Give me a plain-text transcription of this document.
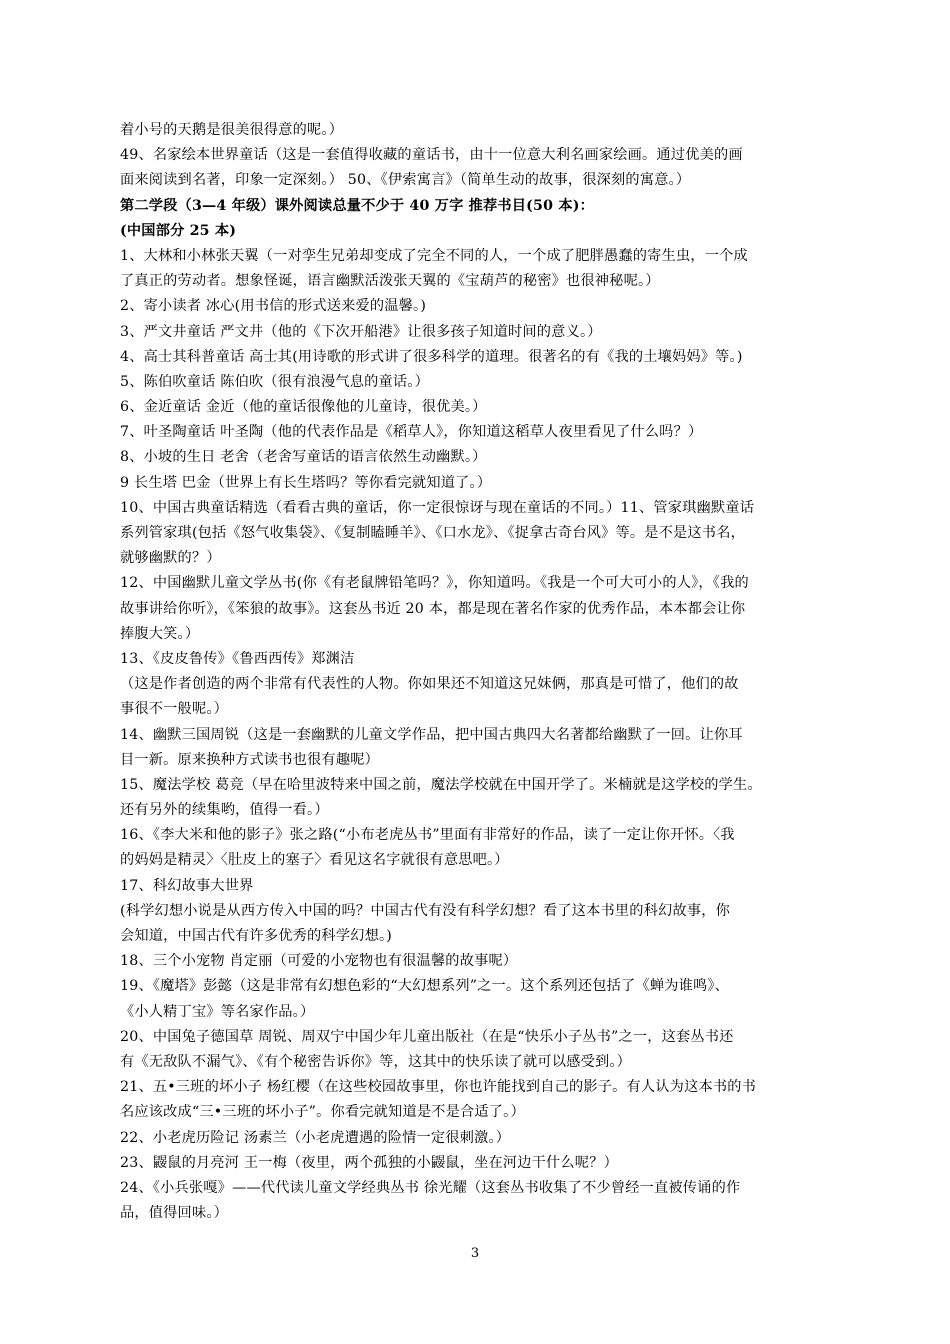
着小号的天鹅是很美很得意的呢。）
49、名家绘本世界童话（这是一套值得收藏的童话书，由十一位意大利名画家绘画。通过优美的画
面来阅读到名著，印象一定深刻。） 50、《伊索寓言》（简单生动的故事，很深刻的寓意。）
第二学段（3—4 年级）课外阅读总量不少于 40 万字 推荐书目(50 本)：
(中国部分 25 本)
1、大林和小林张天翼（一对孪生兄弟却变成了完全不同的人，一个成了肥胖愚蠢的寄生虫，一个成
了真正的劳动者。想象怪诞，语言幽默活泼张天翼的《宝葫芦的秘密》也很神秘呢。）
2、寄小读者 冰心(用书信的形式送来爱的温馨。)
3、严文井童话 严文井（他的《下次开船港》让很多孩子知道时间的意义。）
4、高士其科普童话 高士其(用诗歌的形式讲了很多科学的道理。很著名的有《我的土壤妈妈》等。)
5、陈伯吹童话 陈伯吹（很有浪漫气息的童话。）
6、金近童话 金近（他的童话很像他的儿童诗，很优美。）
7、叶圣陶童话 叶圣陶（他的代表作品是《稻草人》，你知道这稻草人夜里看见了什么吗？）
8、小坡的生日 老舍（老舍写童话的语言依然生动幽默。）
9 长生塔 巴金（世界上有长生塔吗？等你看完就知道了。）
10、中国古典童话精选（看看古典的童话，你一定很惊讶与现在童话的不同。）11、管家琪幽默童话
系列管家琪(包括《怒气收集袋》、《复制瞌睡羊》、《口水龙》、《捉拿古奇台风》等。是不是这书名，
就够幽默的？）
12、中国幽默儿童文学丛书(你《有老鼠牌铅笔吗？》，你知道吗。《我是一个可大可小的人》，《我的
故事讲给你听》，《笨狼的故事》。这套丛书近 20 本，都是现在著名作家的优秀作品，本本都会让你
捧腹大笑。）
13、《皮皮鲁传》《鲁西西传》郑渊洁
（这是作者创造的两个非常有代表性的人物。你如果还不知道这兄妹俩，那真是可惜了，他们的故
事很不一般呢。）
14、幽默三国周锐（这是一套幽默的儿童文学作品，把中国古典四大名著都给幽默了一回。让你耳
目一新。原来换种方式读书也很有趣呢）
15、魔法学校 葛竞（早在哈里波特来中国之前，魔法学校就在中国开学了。米楠就是这学校的学生。
还有另外的续集哟，值得一看。）
16、《李大米和他的影子》张之路(“小布老虎丛书”里面有非常好的作品，读了一定让你开怀。〈我
的妈妈是精灵〉〈肚皮上的塞子〉看见这名字就很有意思吧。）
17、科幻故事大世界
(科学幻想小说是从西方传入中国的吗？中国古代有没有科学幻想？看了这本书里的科幻故事，你
会知道，中国古代有许多优秀的科学幻想。)
18、三个小宠物 肖定丽（可爱的小宠物也有很温馨的故事呢）
19、《魔塔》彭懿（这是非常有幻想色彩的“大幻想系列”之一。这个系列还包括了《蝉为谁鸣》、
《小人精丁宝》等名家作品。）
20、中国兔子德国草 周锐、周双宁中国少年儿童出版社（在是“快乐小子丛书”之一，这套丛书还
有《无敌队不漏气》、《有个秘密告诉你》等，这其中的快乐读了就可以感受到。）
21、五•三班的坏小子 杨红樱（在这些校园故事里，你也许能找到自己的影子。有人认为这本书的书
名应该改成“三•三班的坏小子”。你看完就知道是不是合适了。）
22、小老虎历险记 汤素兰（小老虎遭遇的险情一定很刺激。）
23、鼹鼠的月亮河 王一梅（夜里，两个孤独的小鼹鼠，坐在河边干什么呢？）
24、《小兵张嘎》——代代读儿童文学经典丛书 徐光耀（这套丛书收集了不少曾经一直被传诵的作
品，值得回味。）
3
